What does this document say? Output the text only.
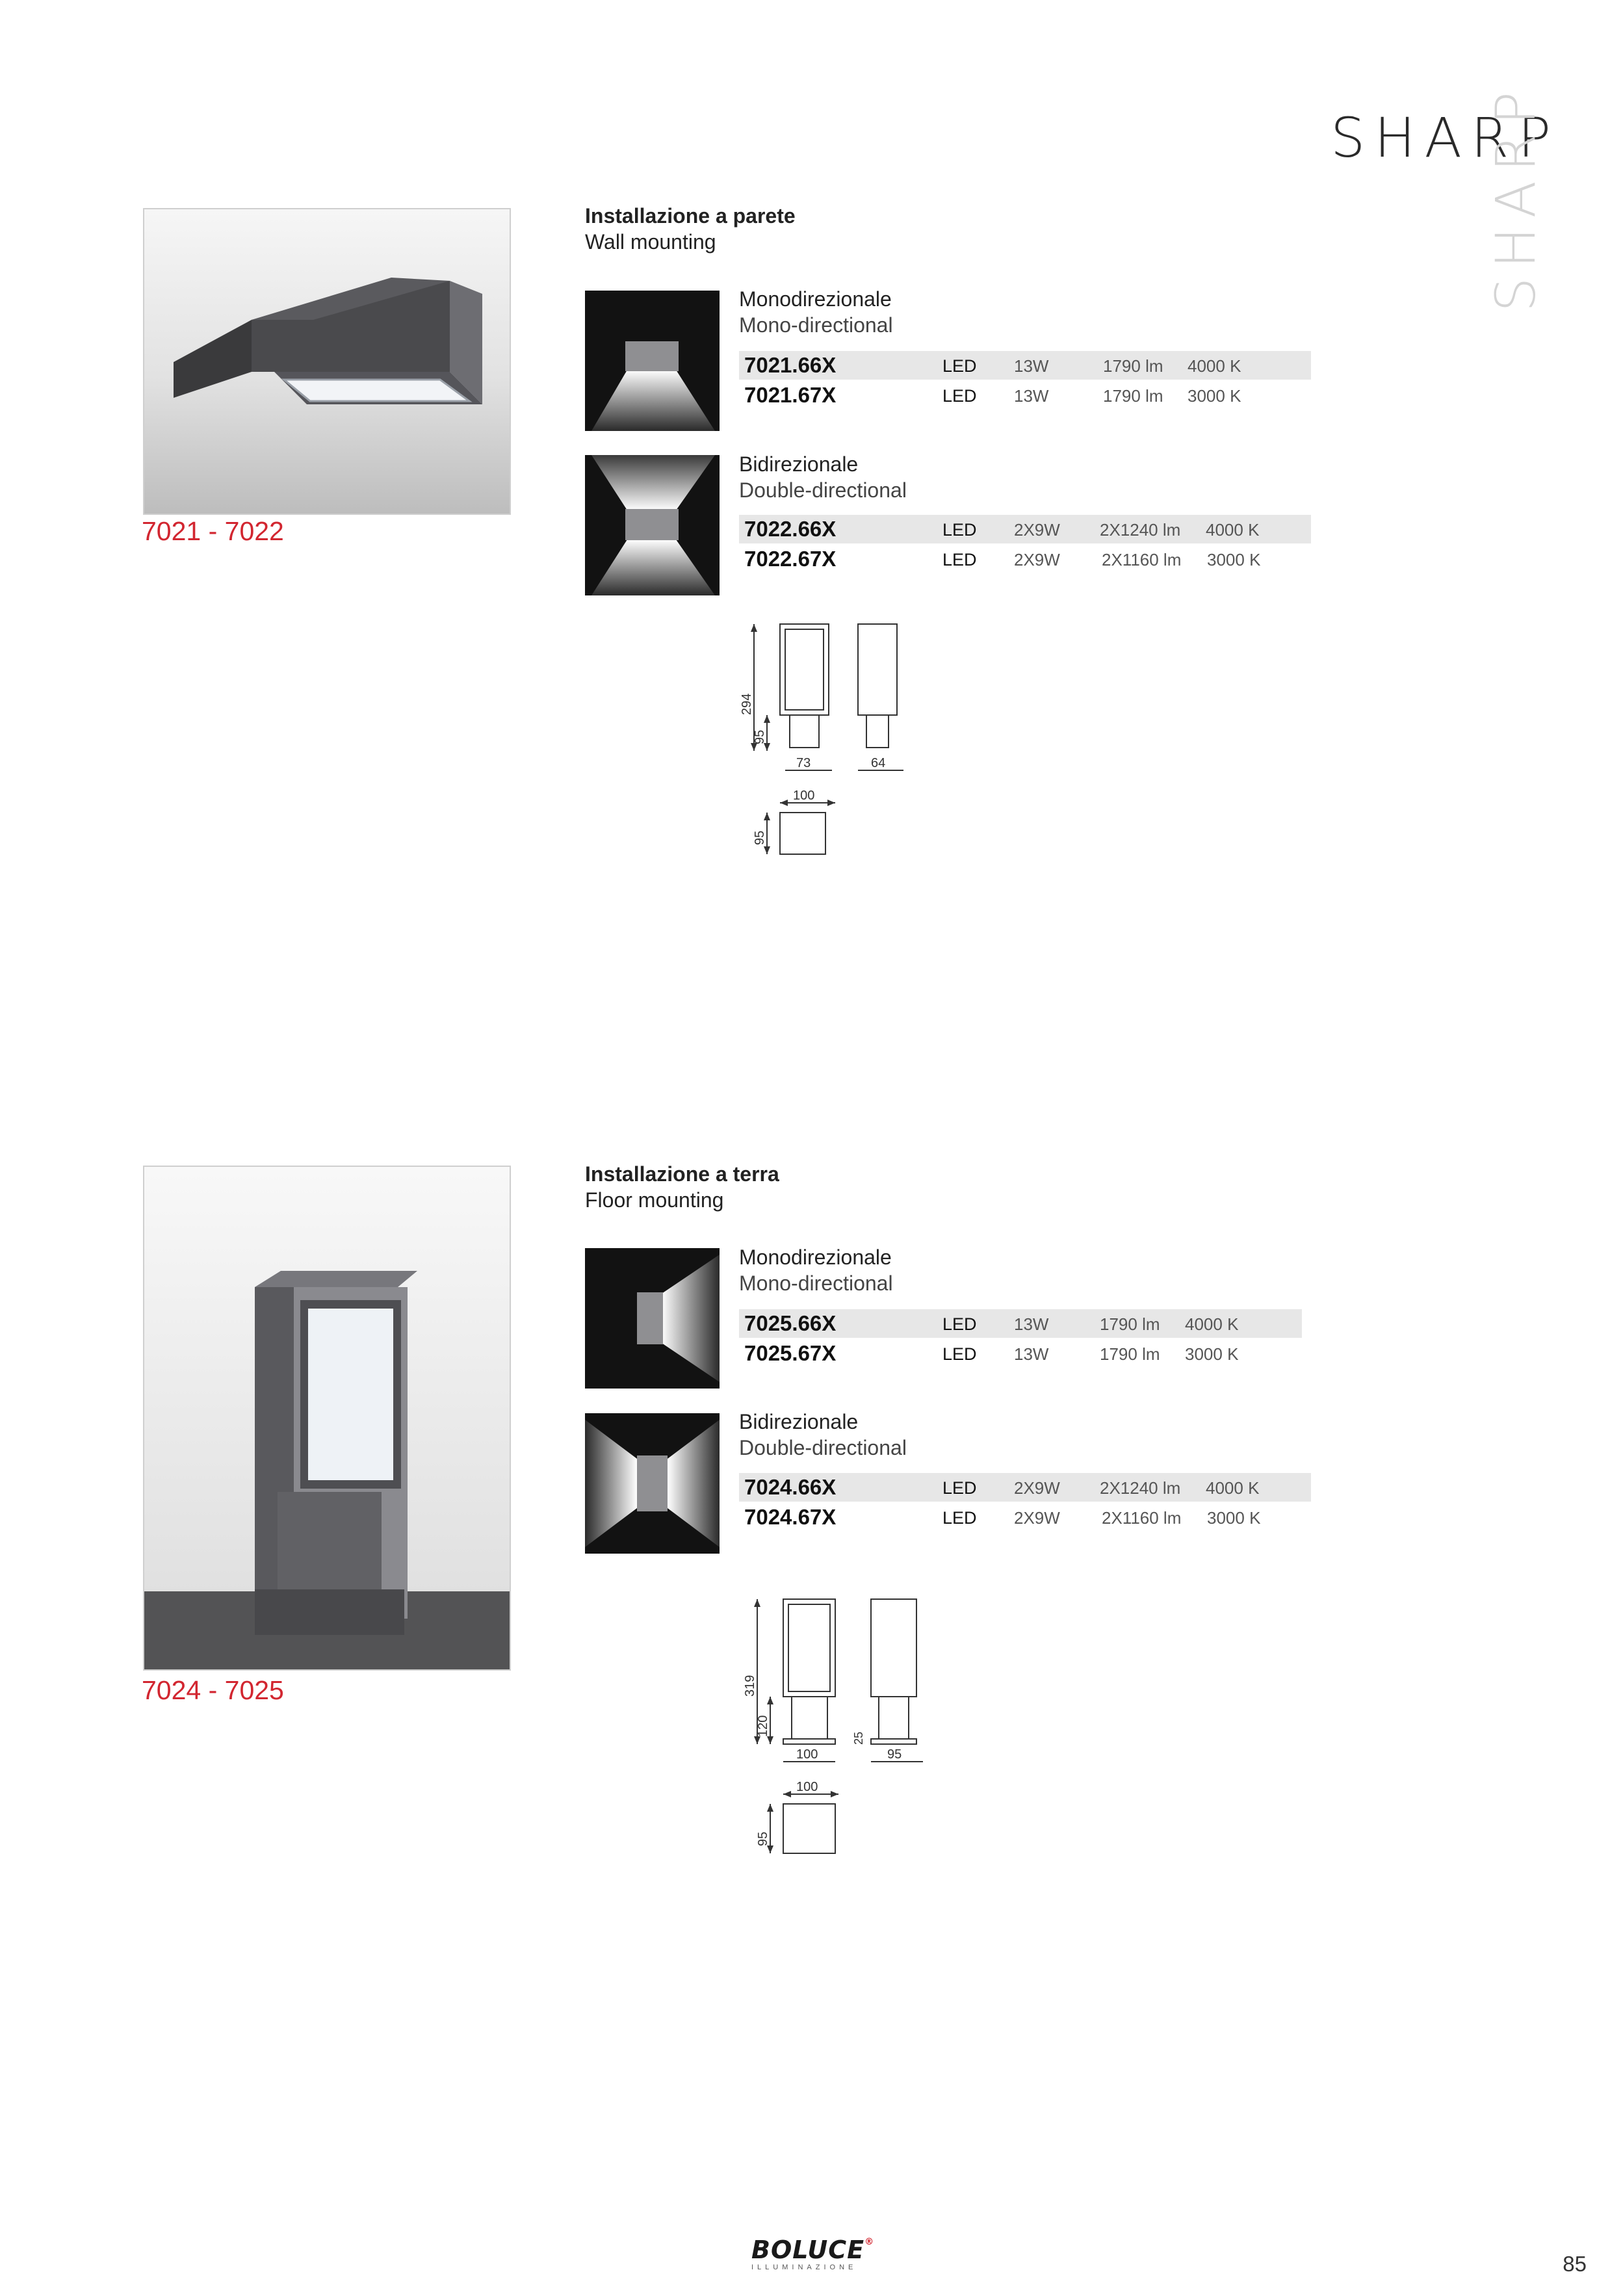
SHARP
SHARP
7021 - 7022
Installazione a parete
Wall mounting
Monodirezionale
Mono-directional
7021.66X	LED 13W	1790 lm 4000 K
7021.67X	LED 13W	1790 lm 3000 K
Bidirezionale
Double-directional
7022.66X	LED 2X9W 2X1240 lm 4000 K
7022.67X	LED 2X9W 2X1160 lm 3000 K
294
95
73	64
100
95
7024 - 7025
Installazione a terra
Floor mounting
Monodirezionale
Mono-directional
7025.66X	LED 13W	1790 lm 4000 K
7025.67X	LED 13W	1790 lm 3000 K
Bidirezionale
Double-directional
7024.66X	LED 2X9W 2X1240 lm 4000 K
7024.67X	LED 2X9W 2X1160 lm 3000 K
319
120
25
100	95
100
95
BOLUCE®
ILLUMINAZIONE	85
